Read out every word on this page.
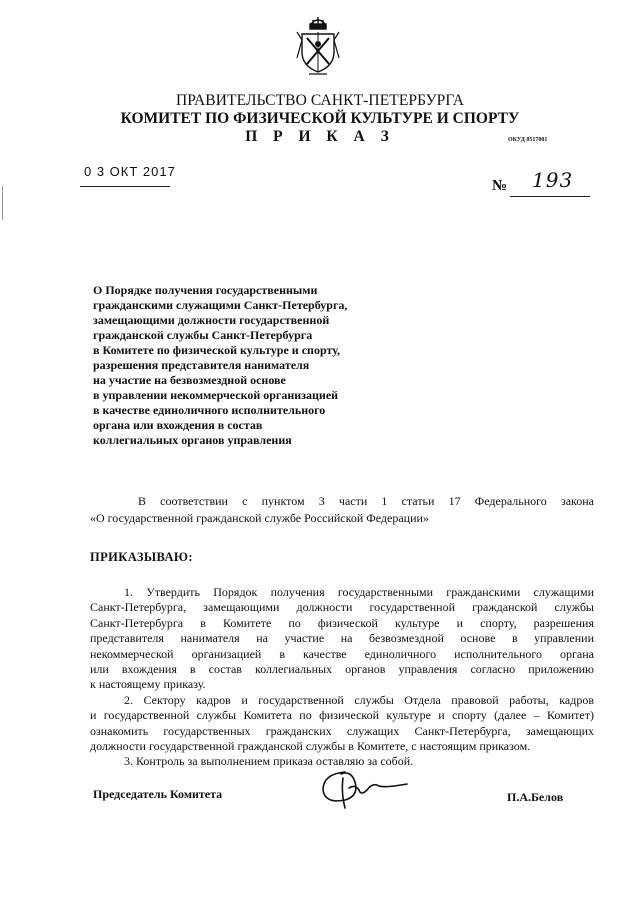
ПРАВИТЕЛЬСТВО САНКТ-ПЕТЕРБУРГА
КОМИТЕТ ПО ФИЗИЧЕСКОЙ КУЛЬТУРЕ И СПОРТУ
П Р И К А З	ОКУД 0517001
0 3 ОКТ 2017
№ 193
О Порядке получения государственными
гражданскими служащими Санкт-Петербурга,
замещающими должности государственной
гражданской службы Санкт-Петербурга
в Комитете по физической культуре и спорту,
разрешения представителя нанимателя
на участие на безвозмездной основе
в управлении некоммерческой организацией
в качестве единоличного исполнительного
органа или вхождения в состав
коллегиальных органов управления
В соответствии с пунктом 3 части 1 статьи 17 Федерального закона
«О государственной гражданской службе Российской Федерации»
ПРИКАЗЫВАЮ:
1. Утвердить Порядок получения государственными гражданскими служащими
Санкт-Петербурга, замещающими должности государственной гражданской службы
Санкт-Петербурга в Комитете по физической культуре и спорту, разрешения
представителя нанимателя на участие на безвозмездной основе в управлении
некоммерческой организацией в качестве единоличного исполнительного органа
или вхождения в состав коллегиальных органов управления согласно приложению
к настоящему приказу.
2. Сектору кадров и государственной службы Отдела правовой работы, кадров
и государственной службы Комитета по физической культуре и спорту (далее – Комитет)
ознакомить государственных гражданских служащих Санкт-Петербурга, замещающих
должности государственной гражданской службы в Комитете, с настоящим приказом.
3. Контроль за выполнением приказа оставляю за собой.
Председатель Комитета	П.А.Белов
